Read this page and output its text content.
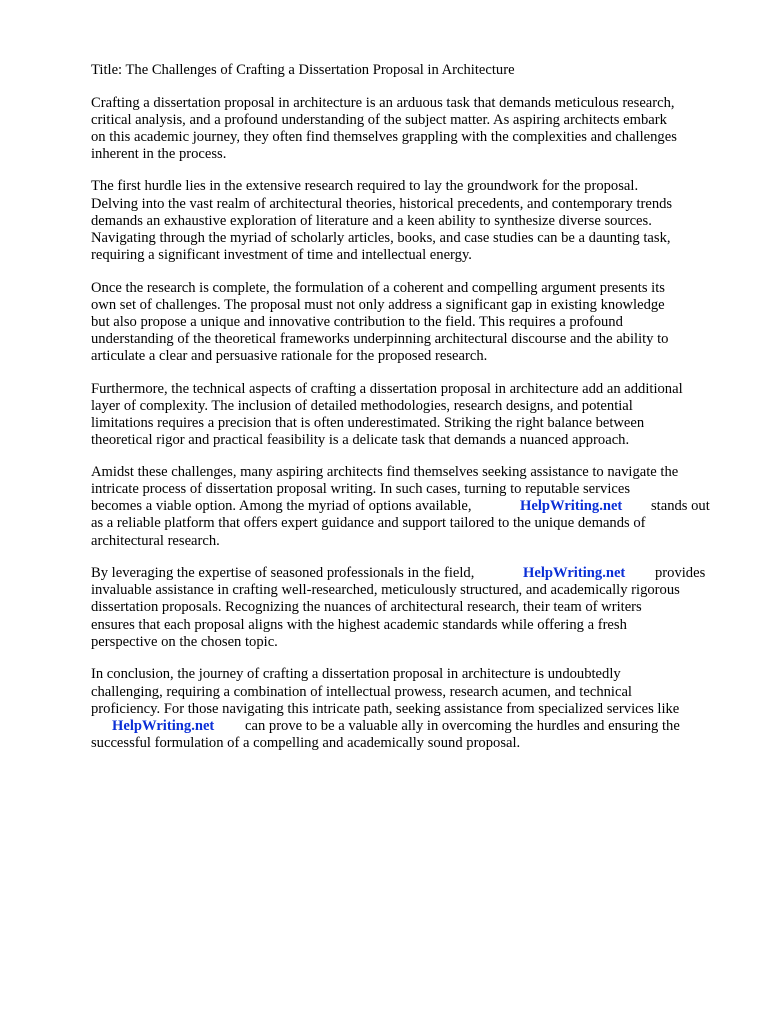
Title: The Challenges of Crafting a Dissertation Proposal in Architecture
Crafting a dissertation proposal in architecture is an arduous task that demands meticulous research,
critical analysis, and a profound understanding of the subject matter. As aspiring architects embark
on this academic journey, they often find themselves grappling with the complexities and challenges
inherent in the process.
The first hurdle lies in the extensive research required to lay the groundwork for the proposal.
Delving into the vast realm of architectural theories, historical precedents, and contemporary trends
demands an exhaustive exploration of literature and a keen ability to synthesize diverse sources.
Navigating through the myriad of scholarly articles, books, and case studies can be a daunting task,
requiring a significant investment of time and intellectual energy.
Once the research is complete, the formulation of a coherent and compelling argument presents its
own set of challenges. The proposal must not only address a significant gap in existing knowledge
but also propose a unique and innovative contribution to the field. This requires a profound
understanding of the theoretical frameworks underpinning architectural discourse and the ability to
articulate a clear and persuasive rationale for the proposed research.
Furthermore, the technical aspects of crafting a dissertation proposal in architecture add an additional
layer of complexity. The inclusion of detailed methodologies, research designs, and potential
limitations requires a precision that is often underestimated. Striking the right balance between
theoretical rigor and practical feasibility is a delicate task that demands a nuanced approach.
Amidst these challenges, many aspiring architects find themselves seeking assistance to navigate the
intricate process of dissertation proposal writing. In such cases, turning to reputable services
becomes a viable option. Among the myriad of options available,	HelpWriting.net stands out
as a reliable platform that offers expert guidance and support tailored to the unique demands of
architectural research.
By leveraging the expertise of seasoned professionals in the field,	HelpWriting.net provides
invaluable assistance in crafting well-researched, meticulously structured, and academically rigorous
dissertation proposals. Recognizing the nuances of architectural research, their team of writers
ensures that each proposal aligns with the highest academic standards while offering a fresh
perspective on the chosen topic.
In conclusion, the journey of crafting a dissertation proposal in architecture is undoubtedly
challenging, requiring a combination of intellectual prowess, research acumen, and technical
proficiency. For those navigating this intricate path, seeking assistance from specialized services like
HelpWriting.net can prove to be a valuable ally in overcoming the hurdles and ensuring the
successful formulation of a compelling and academically sound proposal.
